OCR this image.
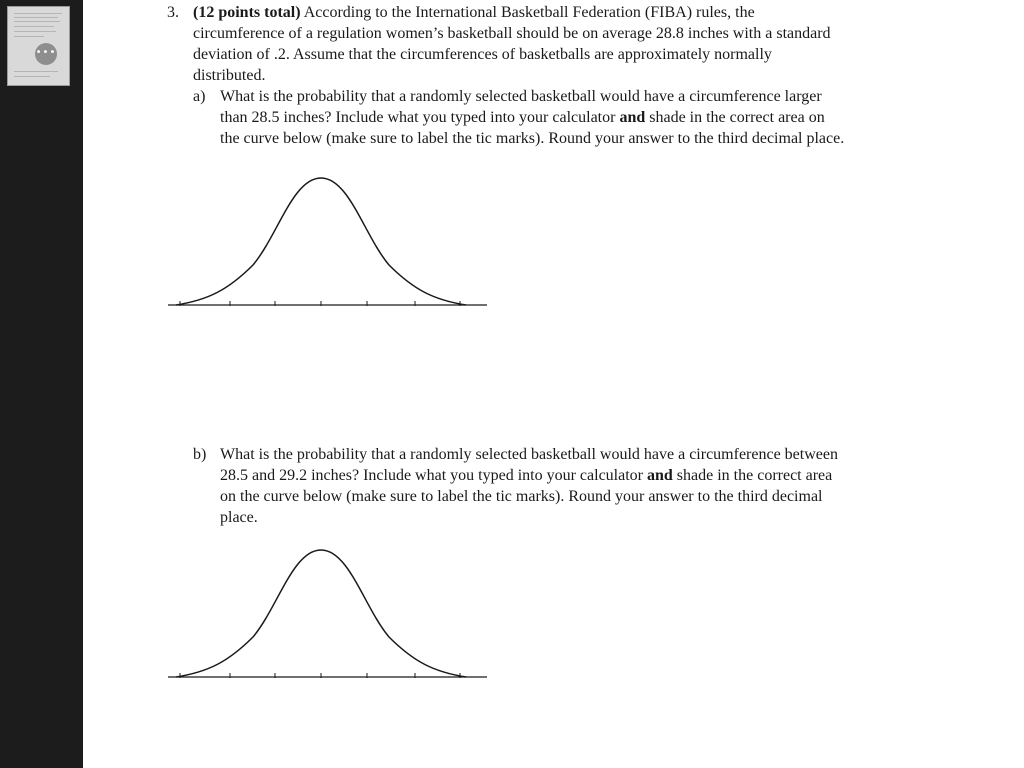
•••
3. (12 points total) According to the International Basketball Federation (FIBA) rules, the
circumference of a regulation women’s basketball should be on average 28.8 inches with a standard
deviation of .2. Assume that the circumferences of basketballs are approximately normally
distributed.
a) What is the probability that a randomly selected basketball would have a circumference larger
than 28.5 inches? Include what you typed into your calculator and shade in the correct area on
the curve below (make sure to label the tic marks). Round your answer to the third decimal place.
b) What is the probability that a randomly selected basketball would have a circumference between
28.5 and 29.2 inches? Include what you typed into your calculator and shade in the correct area
on the curve below (make sure to label the tic marks). Round your answer to the third decimal
place.
